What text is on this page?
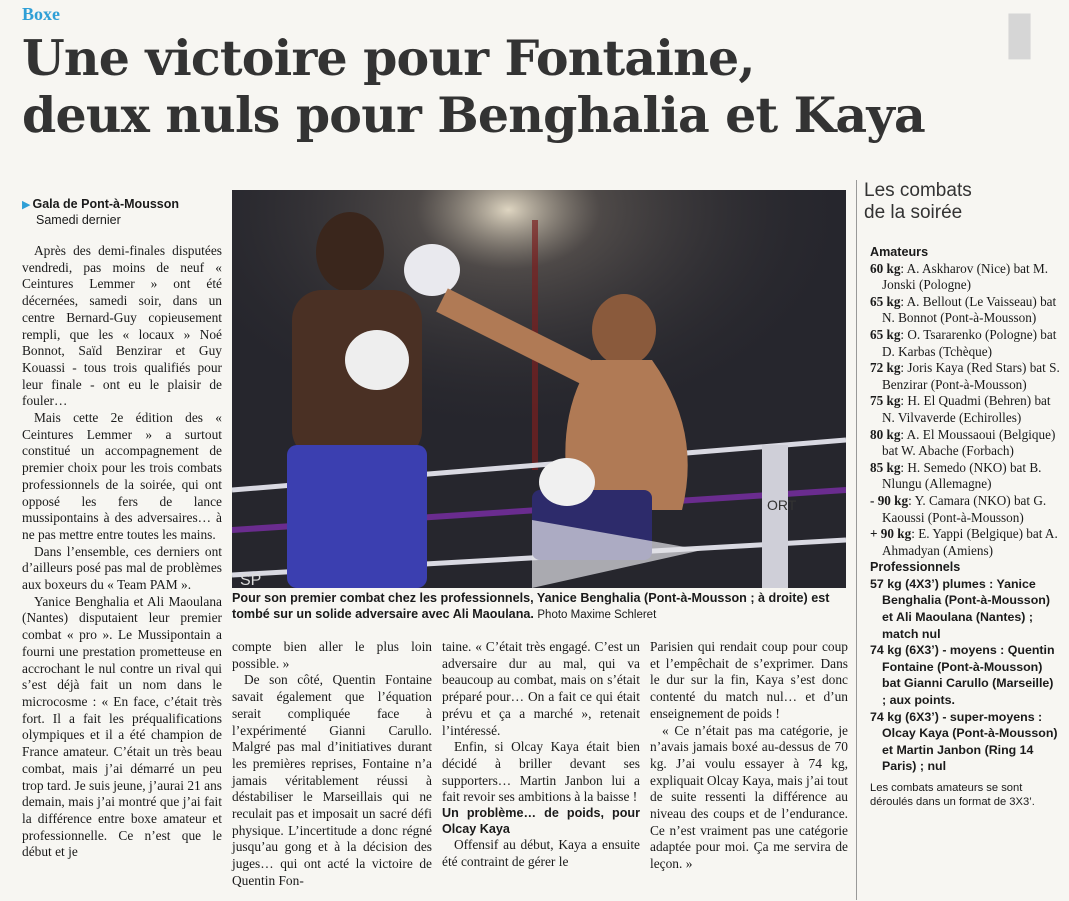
Boxe
Une victoire pour Fontaine,
deux nuls pour Benghalia et Kaya
▮
▶ Gala de Pont-à-Mousson
Samedi dernier

Après des demi-finales disputées vendredi, pas moins de neuf « Ceintures Lemmer » ont été décernées, samedi soir, dans un centre Bernard-Guy copieusement rempli, que les « locaux » Noé Bonnot, Saïd Benzirar et Guy Kouassi - tous trois qualifiés pour leur finale - ont eu le plaisir de fouler…

Mais cette 2e édition des « Ceintures Lemmer » a surtout constitué un accompagnement de premier choix pour les trois combats professionnels de la soirée, qui ont opposé les fers de lance mussipontains à des adversaires… à ne pas mettre entre toutes les mains.

Dans l’ensemble, ces derniers ont d’ailleurs posé pas mal de problèmes aux boxeurs du « Team PAM ».

Yanice Benghalia et Ali Maoulana (Nantes) disputaient leur premier combat « pro ». Le Mussipontain a fourni une prestation prometteuse en accrochant le nul contre un rival qui s’est déjà fait un nom dans le microcosme : « En face, c’était très fort. Il a fait les préqualifications olympiques et il a été champion de France amateur. C’était un très beau combat, mais j’ai démarré un peu trop tard. Je suis jeune, j’aurai 21 ans demain, mais j’ai montré que j’ai fait la différence entre boxe amateur et professionnelle. Ce n’est que le début et je

SP
ORT
Pour son premier combat chez les professionnels, Yanice Benghalia (Pont-à-Mousson ; à droite) est tombé sur un solide adversaire avec Ali Maoulana. Photo Maxime Schleret

compte bien aller le plus loin possible. »

De son côté, Quentin Fontaine savait également que l’équation serait compliquée face à l’expérimenté Gianni Carullo. Malgré pas mal d’initiatives durant les premières reprises, Fontaine n’a jamais véritablement réussi à déstabiliser le Marseillais qui ne reculait pas et imposait un sacré défi physique. L’incertitude a donc régné jusqu’au gong et à la décision des juges… qui ont acté la victoire de Quentin Fon-

taine. « C’était très engagé. C’est un adversaire dur au mal, qui va beaucoup au combat, mais on s’était préparé pour… On a fait ce qui était prévu et ça a marché », retenait l’intéressé.

Enfin, si Olcay Kaya était bien décidé à briller devant ses supporters… Martin Janbon lui a fait revoir ses ambitions à la baisse !

Un problème… de poids, pour Olcay Kaya

Offensif au début, Kaya a ensuite été contraint de gérer le

Parisien qui rendait coup pour coup et l’empêchait de s’exprimer. Dans le dur sur la fin, Kaya s’est donc contenté du match nul… et d’un enseignement de poids !

« Ce n’était pas ma catégorie, je n’avais jamais boxé au-dessus de 70 kg. J’ai voulu essayer à 74 kg, expliquait Olcay Kaya, mais j’ai tout de suite ressenti la différence au niveau des coups et de l’endurance. Ce n’est vraiment pas une catégorie adaptée pour moi. Ça me servira de leçon. »

Les combats
de la soirée
Amateurs
60 kg: A. Askharov (Nice) bat M. Jonski (Pologne)
65 kg: A. Bellout (Le Vaisseau) bat N. Bonnot (Pont-à-Mousson)
65 kg: O. Tsararenko (Pologne) bat D. Karbas (Tchèque)
72 kg: Joris Kaya (Red Stars) bat S. Benzirar (Pont-à-Mousson)
75 kg: H. El Quadmi (Behren) bat N. Vilvaverde (Echirolles)
80 kg: A. El Moussaoui (Belgique) bat W. Abache (Forbach)
85 kg: H. Semedo (NKO) bat B. Nlungu (Allemagne)
- 90 kg: Y. Camara (NKO) bat G. Kaoussi (Pont-à-Mousson)
+ 90 kg: E. Yappi (Belgique) bat A. Ahmadyan (Amiens)
Professionnels
57 kg (4X3’) plumes : Yanice Benghalia (Pont-à-Mousson) et Ali Maoulana (Nantes) ; match nul
74 kg (6X3’) - moyens : Quentin Fontaine (Pont-à-Mousson) bat Gianni Carullo (Marseille) ; aux points.
74 kg (6X3’) - super-moyens : Olcay Kaya (Pont-à-Mousson) et Martin Janbon (Ring 14 Paris) ; nul
Les combats amateurs se sont déroulés dans un format de 3X3’.
